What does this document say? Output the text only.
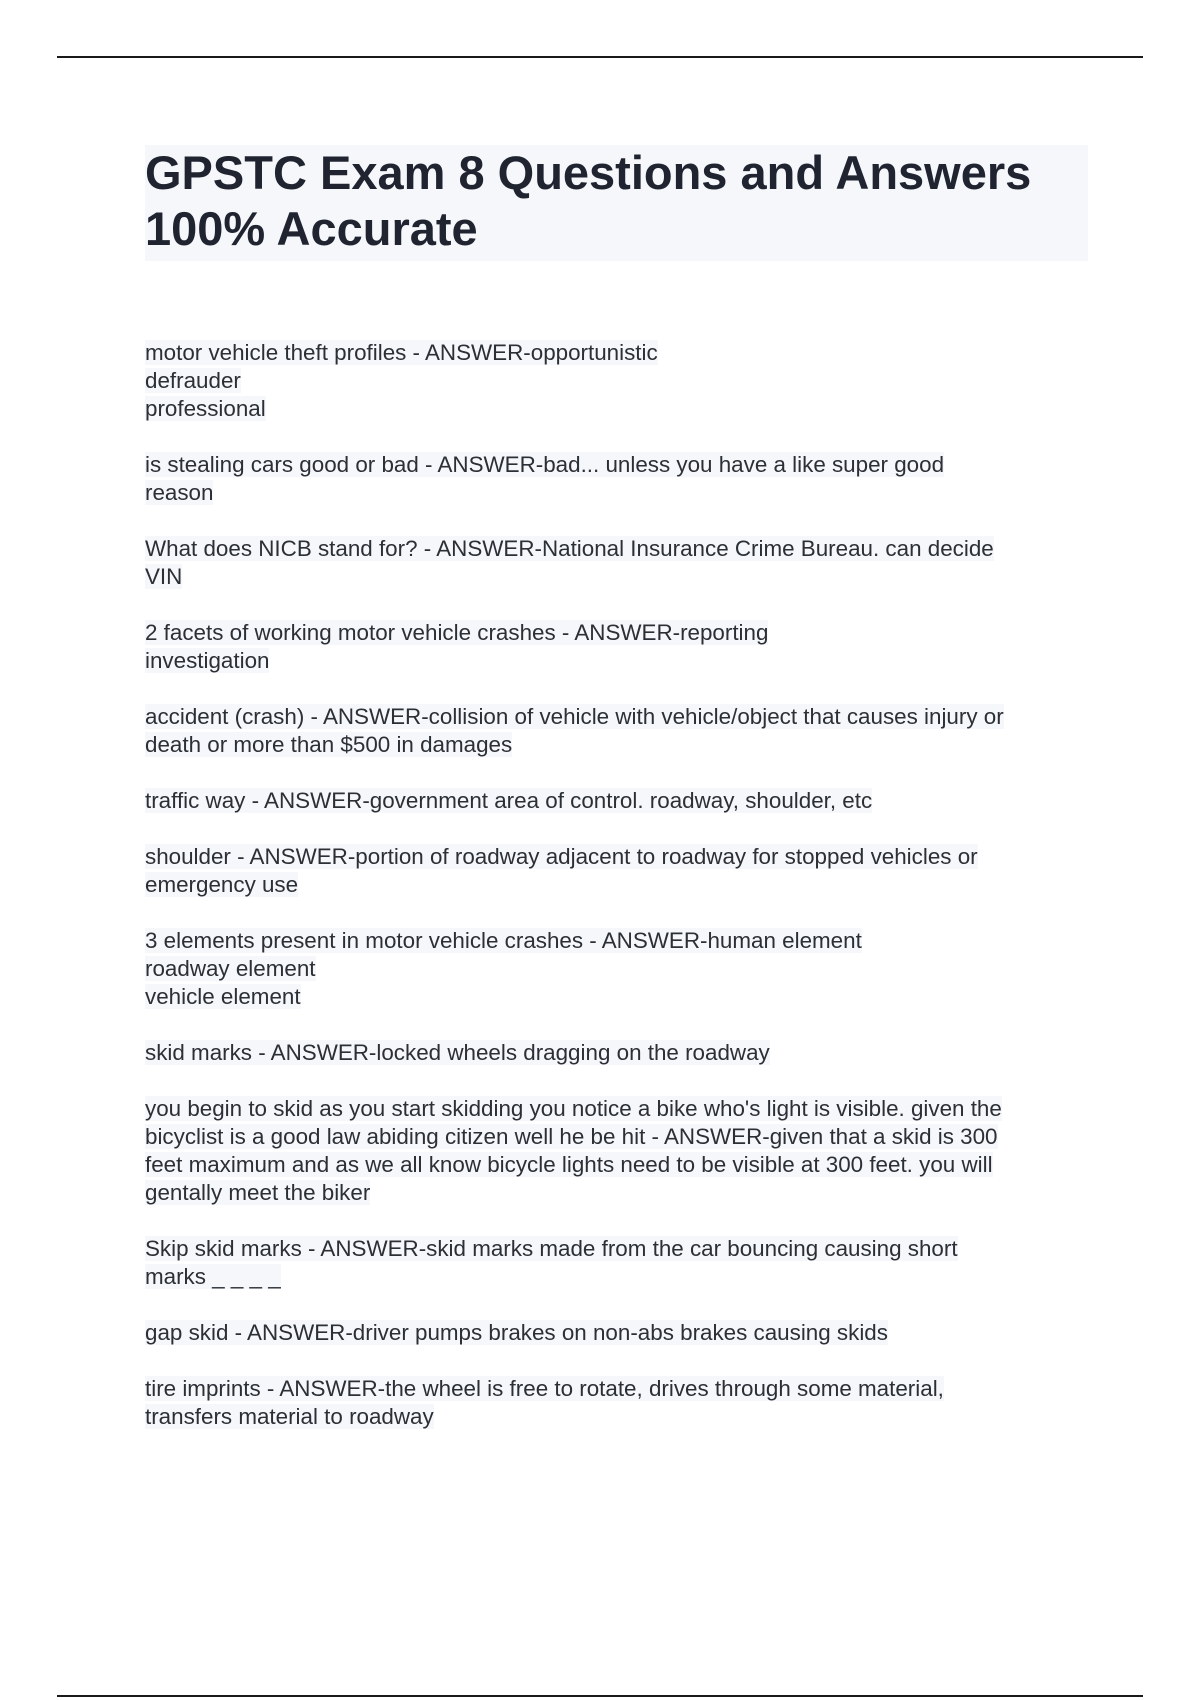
GPSTC Exam 8 Questions and Answers
100% Accurate
motor vehicle theft profiles - ANSWER-opportunistic
defrauder
professional
is stealing cars good or bad - ANSWER-bad... unless you have a like super good
reason
What does NICB stand for? - ANSWER-National Insurance Crime Bureau. can decide
VIN
2 facets of working motor vehicle crashes - ANSWER-reporting
investigation
accident (crash) - ANSWER-collision of vehicle with vehicle/object that causes injury or
death or more than $500 in damages
traffic way - ANSWER-government area of control. roadway, shoulder, etc
shoulder - ANSWER-portion of roadway adjacent to roadway for stopped vehicles or
emergency use
3 elements present in motor vehicle crashes - ANSWER-human element
roadway element
vehicle element
skid marks - ANSWER-locked wheels dragging on the roadway
you begin to skid as you start skidding you notice a bike who's light is visible. given the
bicyclist is a good law abiding citizen well he be hit - ANSWER-given that a skid is 300
feet maximum and as we all know bicycle lights need to be visible at 300 feet. you will
gentally meet the biker
Skip skid marks - ANSWER-skid marks made from the car bouncing causing short
marks _ _ _ _
gap skid - ANSWER-driver pumps brakes on non-abs brakes causing skids
tire imprints - ANSWER-the wheel is free to rotate, drives through some material,
transfers material to roadway
